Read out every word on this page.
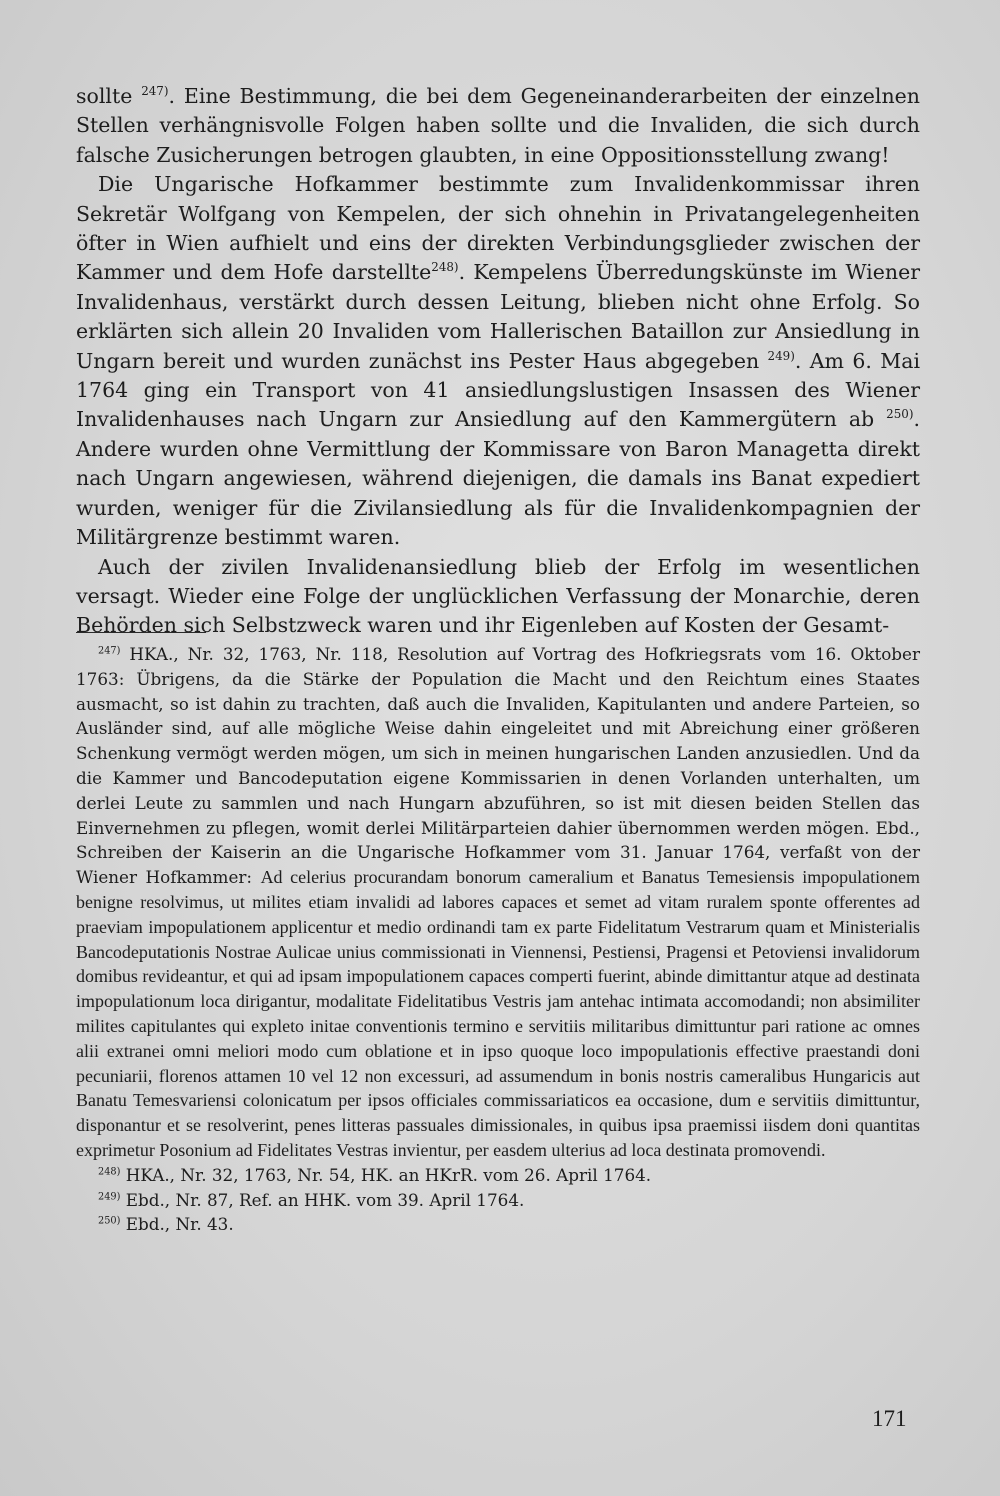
sollte $^{247)}$. Eine Bestimmung, die bei dem Gegeneinanderarbeiten der einzelnen Stellen verhängnisvolle Folgen haben sollte und die Invaliden, die sich durch falsche Zusicherungen betrogen glaubten, in eine Oppositionsstellung zwang!

Die Ungarische Hofkammer bestimmte zum Invalidenkommissar ihren Sekretär Wolfgang von Kempelen, der sich ohnehin in Privatangelegenheiten öfter in Wien aufhielt und eins der direkten Verbindungsglieder zwischen der Kammer und dem Hofe darstellte$^{248)}$. Kempelens Überredungskünste im Wiener Invalidenhaus, verstärkt durch dessen Leitung, blieben nicht ohne Erfolg. So erklärten sich allein 20 Invaliden vom Hallerischen Bataillon zur Ansiedlung in Ungarn bereit und wurden zunächst ins Pester Haus abgegeben $^{249)}$. Am 6. Mai 1764 ging ein Transport von 41 ansiedlungslustigen Insassen des Wiener Invalidenhauses nach Ungarn zur Ansiedlung auf den Kammergütern ab $^{250)}$. Andere wurden ohne Vermittlung der Kommissare von Baron Managetta direkt nach Ungarn angewiesen, während diejenigen, die damals ins Banat expediert wurden, weniger für die Zivilansiedlung als für die Invalidenkompagnien der Militärgrenze bestimmt waren.

Auch der zivilen Invalidenansiedlung blieb der Erfolg im wesentlichen versagt. Wieder eine Folge der unglücklichen Verfassung der Monarchie, deren Behörden sich Selbstzweck waren und ihr Eigenleben auf Kosten der Gesamt-

$^{247)}$ HKA., Nr. 32, 1763, Nr. 118, Resolution auf Vortrag des Hofkriegsrats vom 16. Oktober 1763: Übrigens, da die Stärke der Population die Macht und den Reichtum eines Staates ausmacht, so ist dahin zu trachten, daß auch die Invaliden, Kapitulanten und andere Parteien, so Ausländer sind, auf alle mögliche Weise dahin eingeleitet und mit Abreichung einer größeren Schenkung vermögt werden mögen, um sich in meinen hungarischen Landen anzusiedlen. Und da die Kammer und Bancodeputation eigene Kommissarien in denen Vorlanden unterhalten, um derlei Leute zu sammlen und nach Hungarn abzuführen, so ist mit diesen beiden Stellen das Einvernehmen zu pflegen, womit derlei Militärparteien dahier übernommen werden mögen. Ebd., Schreiben der Kaiserin an die Ungarische Hofkammer vom 31. Januar 1764, verfaßt von der Wiener Hofkammer: Ad celerius procurandam bonorum cameralium et Banatus Temesiensis impopulationem benigne resolvimus, ut milites etiam invalidi ad labores capaces et semet ad vitam ruralem sponte offerentes ad praeviam impopulationem applicentur et medio ordinandi tam ex parte Fidelitatum Vestrarum quam et Ministerialis Bancodeputationis Nostrae Aulicae unius commissionati in Viennensi, Pestiensi, Pragensi et Petoviensi invalidorum domibus revideantur, et qui ad ipsam impopulationem capaces comperti fuerint, abinde dimittantur atque ad destinata impopulationum loca dirigantur, modalitate Fidelitatibus Vestris jam antehac intimata accomodandi; non absimiliter milites capitulantes qui expleto initae conventionis termino e servitiis militaribus dimittuntur pari ratione ac omnes alii extranei omni meliori modo cum oblatione et in ipso quoque loco impopulationis effective praestandi doni pecuniarii, florenos attamen 10 vel 12 non excessuri, ad assumendum in bonis nostris cameralibus Hungaricis aut Banatu Temesvariensi colonicatum per ipsos officiales commissariaticos ea occasione, dum e servitiis dimittuntur, disponantur et se resolverint, penes litteras passuales dimissionales, in quibus ipsa praemissi iisdem doni quantitas exprimetur Posonium ad Fidelitates Vestras invientur, per easdem ulterius ad loca destinata promovendi.

$^{248)}$ HKA., Nr. 32, 1763, Nr. 54, HK. an HKrR. vom 26. April 1764.

$^{249)}$ Ebd., Nr. 87, Ref. an HHK. vom 39. April 1764.

$^{250)}$ Ebd., Nr. 43.

171
